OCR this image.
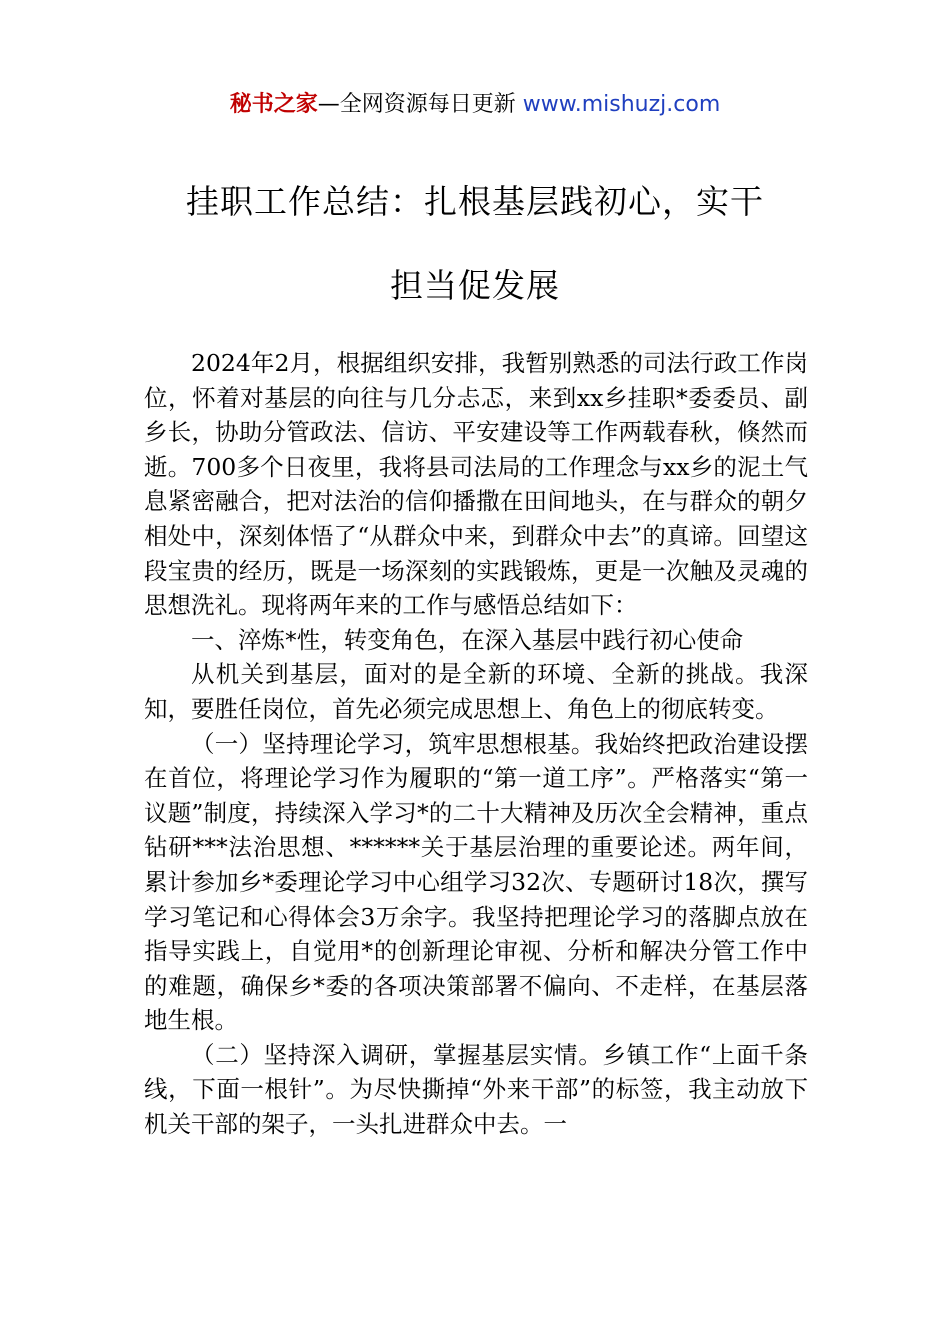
秘书之家—全网资源每日更新 www.mishuzj.com
挂职工作总结：扎根基层践初心，实干
担当促发展

2024年2月，根据组织安排，我暂别熟悉的司法行政工作岗位，怀着对基层的向往与几分忐忑，来到xx乡挂职*委委员、副乡长，协助分管政法、信访、平安建设等工作两载春秋，倏然而逝。700多个日夜里，我将县司法局的工作理念与xx乡的泥土气息紧密融合，把对法治的信仰播撒在田间地头，在与群众的朝夕相处中，深刻体悟了“从群众中来，到群众中去”的真谛。回望这段宝贵的经历，既是一场深刻的实践锻炼，更是一次触及灵魂的思想洗礼。现将两年来的工作与感悟总结如下：

一、淬炼*性，转变角色，在深入基层中践行初心使命

从机关到基层，面对的是全新的环境、全新的挑战。我深知，要胜任岗位，首先必须完成思想上、角色上的彻底转变。

（一）坚持理论学习，筑牢思想根基。我始终把政治建设摆在首位，将理论学习作为履职的“第一道工序”。严格落实“第一议题”制度，持续深入学习*的二十大精神及历次全会精神，重点钻研***法治思想、******关于基层治理的重要论述。两年间，累计参加乡*委理论学习中心组学习32次、专题研讨18次，撰写学习笔记和心得体会3万余字。我坚持把理论学习的落脚点放在指导实践上，自觉用*的创新理论审视、分析和解决分管工作中的难题，确保乡*委的各项决策部署不偏向、不走样，在基层落地生根。

（二）坚持深入调研，掌握基层实情。乡镇工作“上面千条线，下面一根针”。为尽快撕掉“外来干部”的标签，我主动放下机关干部的架子，一头扎进群众中去。一
